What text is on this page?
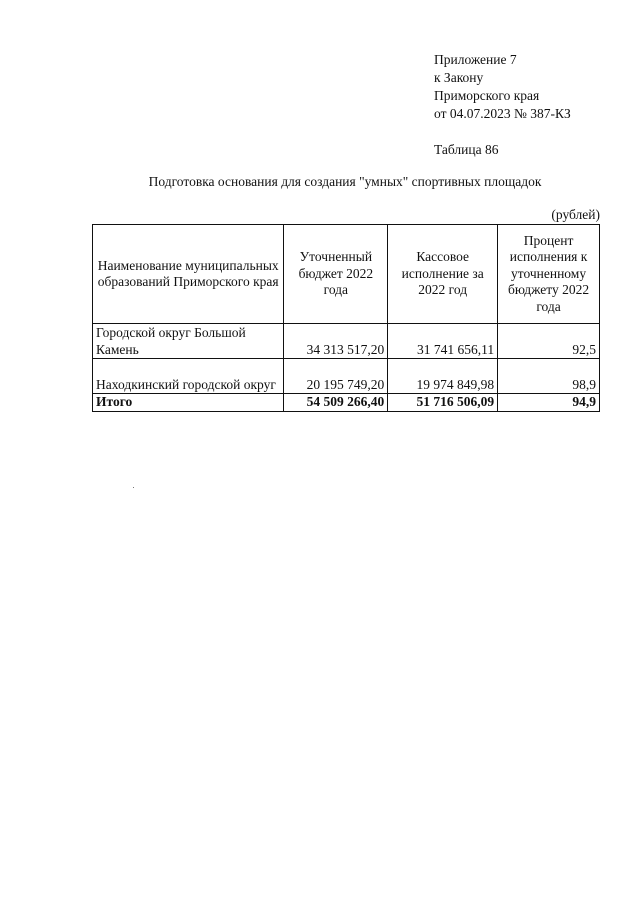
Приложение 7
к Закону
Приморского края
от 04.07.2023 № 387-КЗ
Таблица 86
Подготовка основания для создания "умных" спортивных площадок
(рублей)
Наименование муниципальных образований Приморского края	Уточненный бюджет 2022 года	Кассовое исполнение за 2022 год	Процент исполнения к уточненному бюджету 2022 года
Городской округ Большой Камень	34 313 517,20	31 741 656,11	92,5
Находкинский городской округ	20 195 749,20	19 974 849,98	98,9
Итого	54 509 266,40	51 716 506,09	94,9
